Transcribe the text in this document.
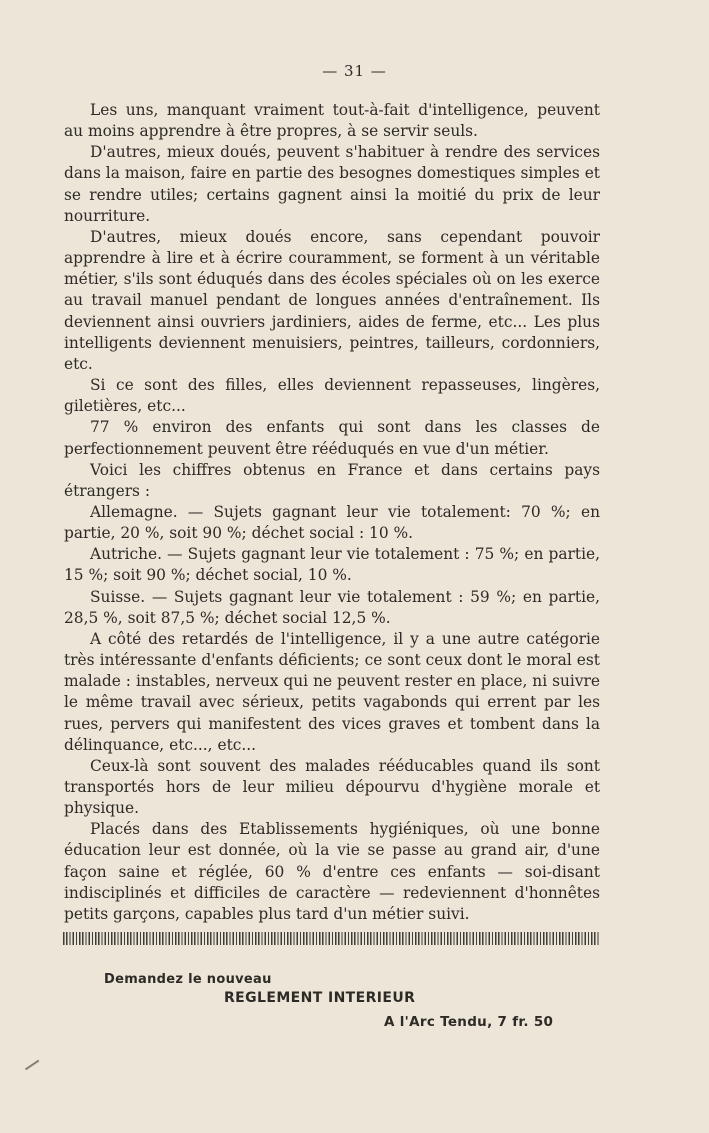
— 31 —

Les uns, manquant vraiment tout-à-fait d'intelligence, peuvent au moins apprendre à être propres, à se servir seuls.

D'autres, mieux doués, peuvent s'habituer à rendre des services dans la maison, faire en partie des besognes domestiques simples et se rendre utiles; certains gagnent ainsi la moitié du prix de leur nourriture.

D'autres, mieux doués encore, sans cependant pouvoir apprendre à lire et à écrire couramment, se forment à un véritable métier, s'ils sont éduqués dans des écoles spéciales où on les exerce au travail manuel pendant de longues années d'entraînement. Ils deviennent ainsi ouvriers jardiniers, aides de ferme, etc... Les plus intelligents deviennent menuisiers, peintres, tailleurs, cordonniers, etc.

Si ce sont des filles, elles deviennent repasseuses, lingères, giletières, etc...

77 % environ des enfants qui sont dans les classes de perfectionnement peuvent être rééduqués en vue d'un métier.

Voici les chiffres obtenus en France et dans certains pays étrangers :

Allemagne. — Sujets gagnant leur vie totalement: 70 %; en partie, 20 %, soit 90 %; déchet social : 10 %.

Autriche. — Sujets gagnant leur vie totalement : 75 %; en partie, 15 %; soit 90 %; déchet social, 10 %.

Suisse. — Sujets gagnant leur vie totalement : 59 %; en partie, 28,5 %, soit 87,5 %; déchet social 12,5 %.

A côté des retardés de l'intelligence, il y a une autre catégorie très intéressante d'enfants déficients; ce sont ceux dont le moral est malade : instables, nerveux qui ne peuvent rester en place, ni suivre le même travail avec sérieux, petits vagabonds qui errent par les rues, pervers qui manifestent des vices graves et tombent dans la délinquance, etc..., etc...

Ceux-là sont souvent des malades rééducables quand ils sont transportés hors de leur milieu dépourvu d'hygiène morale et physique.

Placés dans des Etablissements hygiéniques, où une bonne éducation leur est donnée, où la vie se passe au grand air, d'une façon saine et réglée, 60 % d'entre ces enfants — soi-disant indisciplinés et difficiles de caractère — redeviennent d'honnêtes petits garçons, capables plus tard d'un métier suivi.

Demandez le nouveau
REGLEMENT INTERIEUR
A l'Arc Tendu, 7 fr. 50
